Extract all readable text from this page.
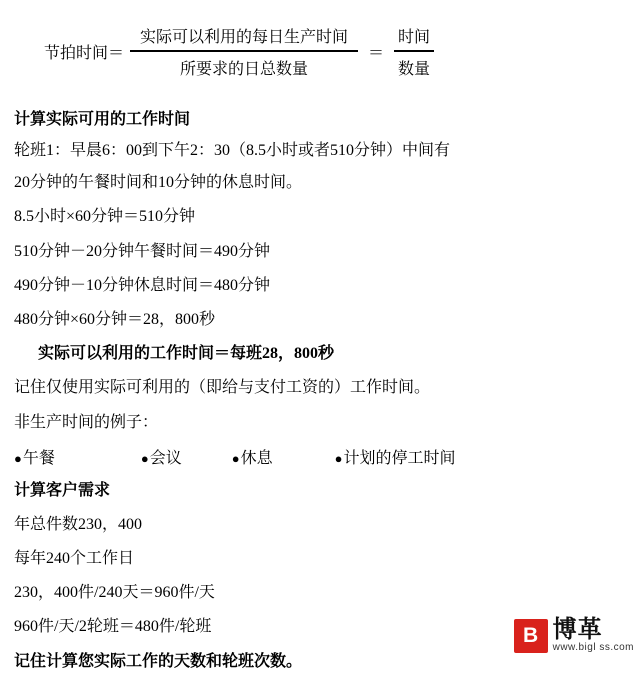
节拍时间＝ $\frac{\text{实际可以利用的每日生产时间}}{\text{所要求的日总数量}} = \frac{\text{时间}}{\text{数量}}$
计算实际可用的工作时间
轮班1：早晨6：00到下午2：30（8.5小时或者510分钟）中间有
20分钟的午餐时间和10分钟的休息时间。
8.5小时×60分钟＝510分钟
510分钟－20分钟午餐时间＝490分钟
490分钟－10分钟休息时间＝480分钟
480分钟×60分钟＝28，800秒
实际可以利用的工作时间＝每班28，800秒
记住仅使用实际可利用的（即给与支付工资的）工作时间。
非生产时间的例子：
●午餐	●会议	●休息	●计划的停工时间
计算客户需求
年总件数230，400
每年240个工作日
230，400件/240天＝960件/天
960件/天/2轮班＝480件/轮班
记住计算您实际工作的天数和轮班次数。
B 博革
www.bigl ss.com
